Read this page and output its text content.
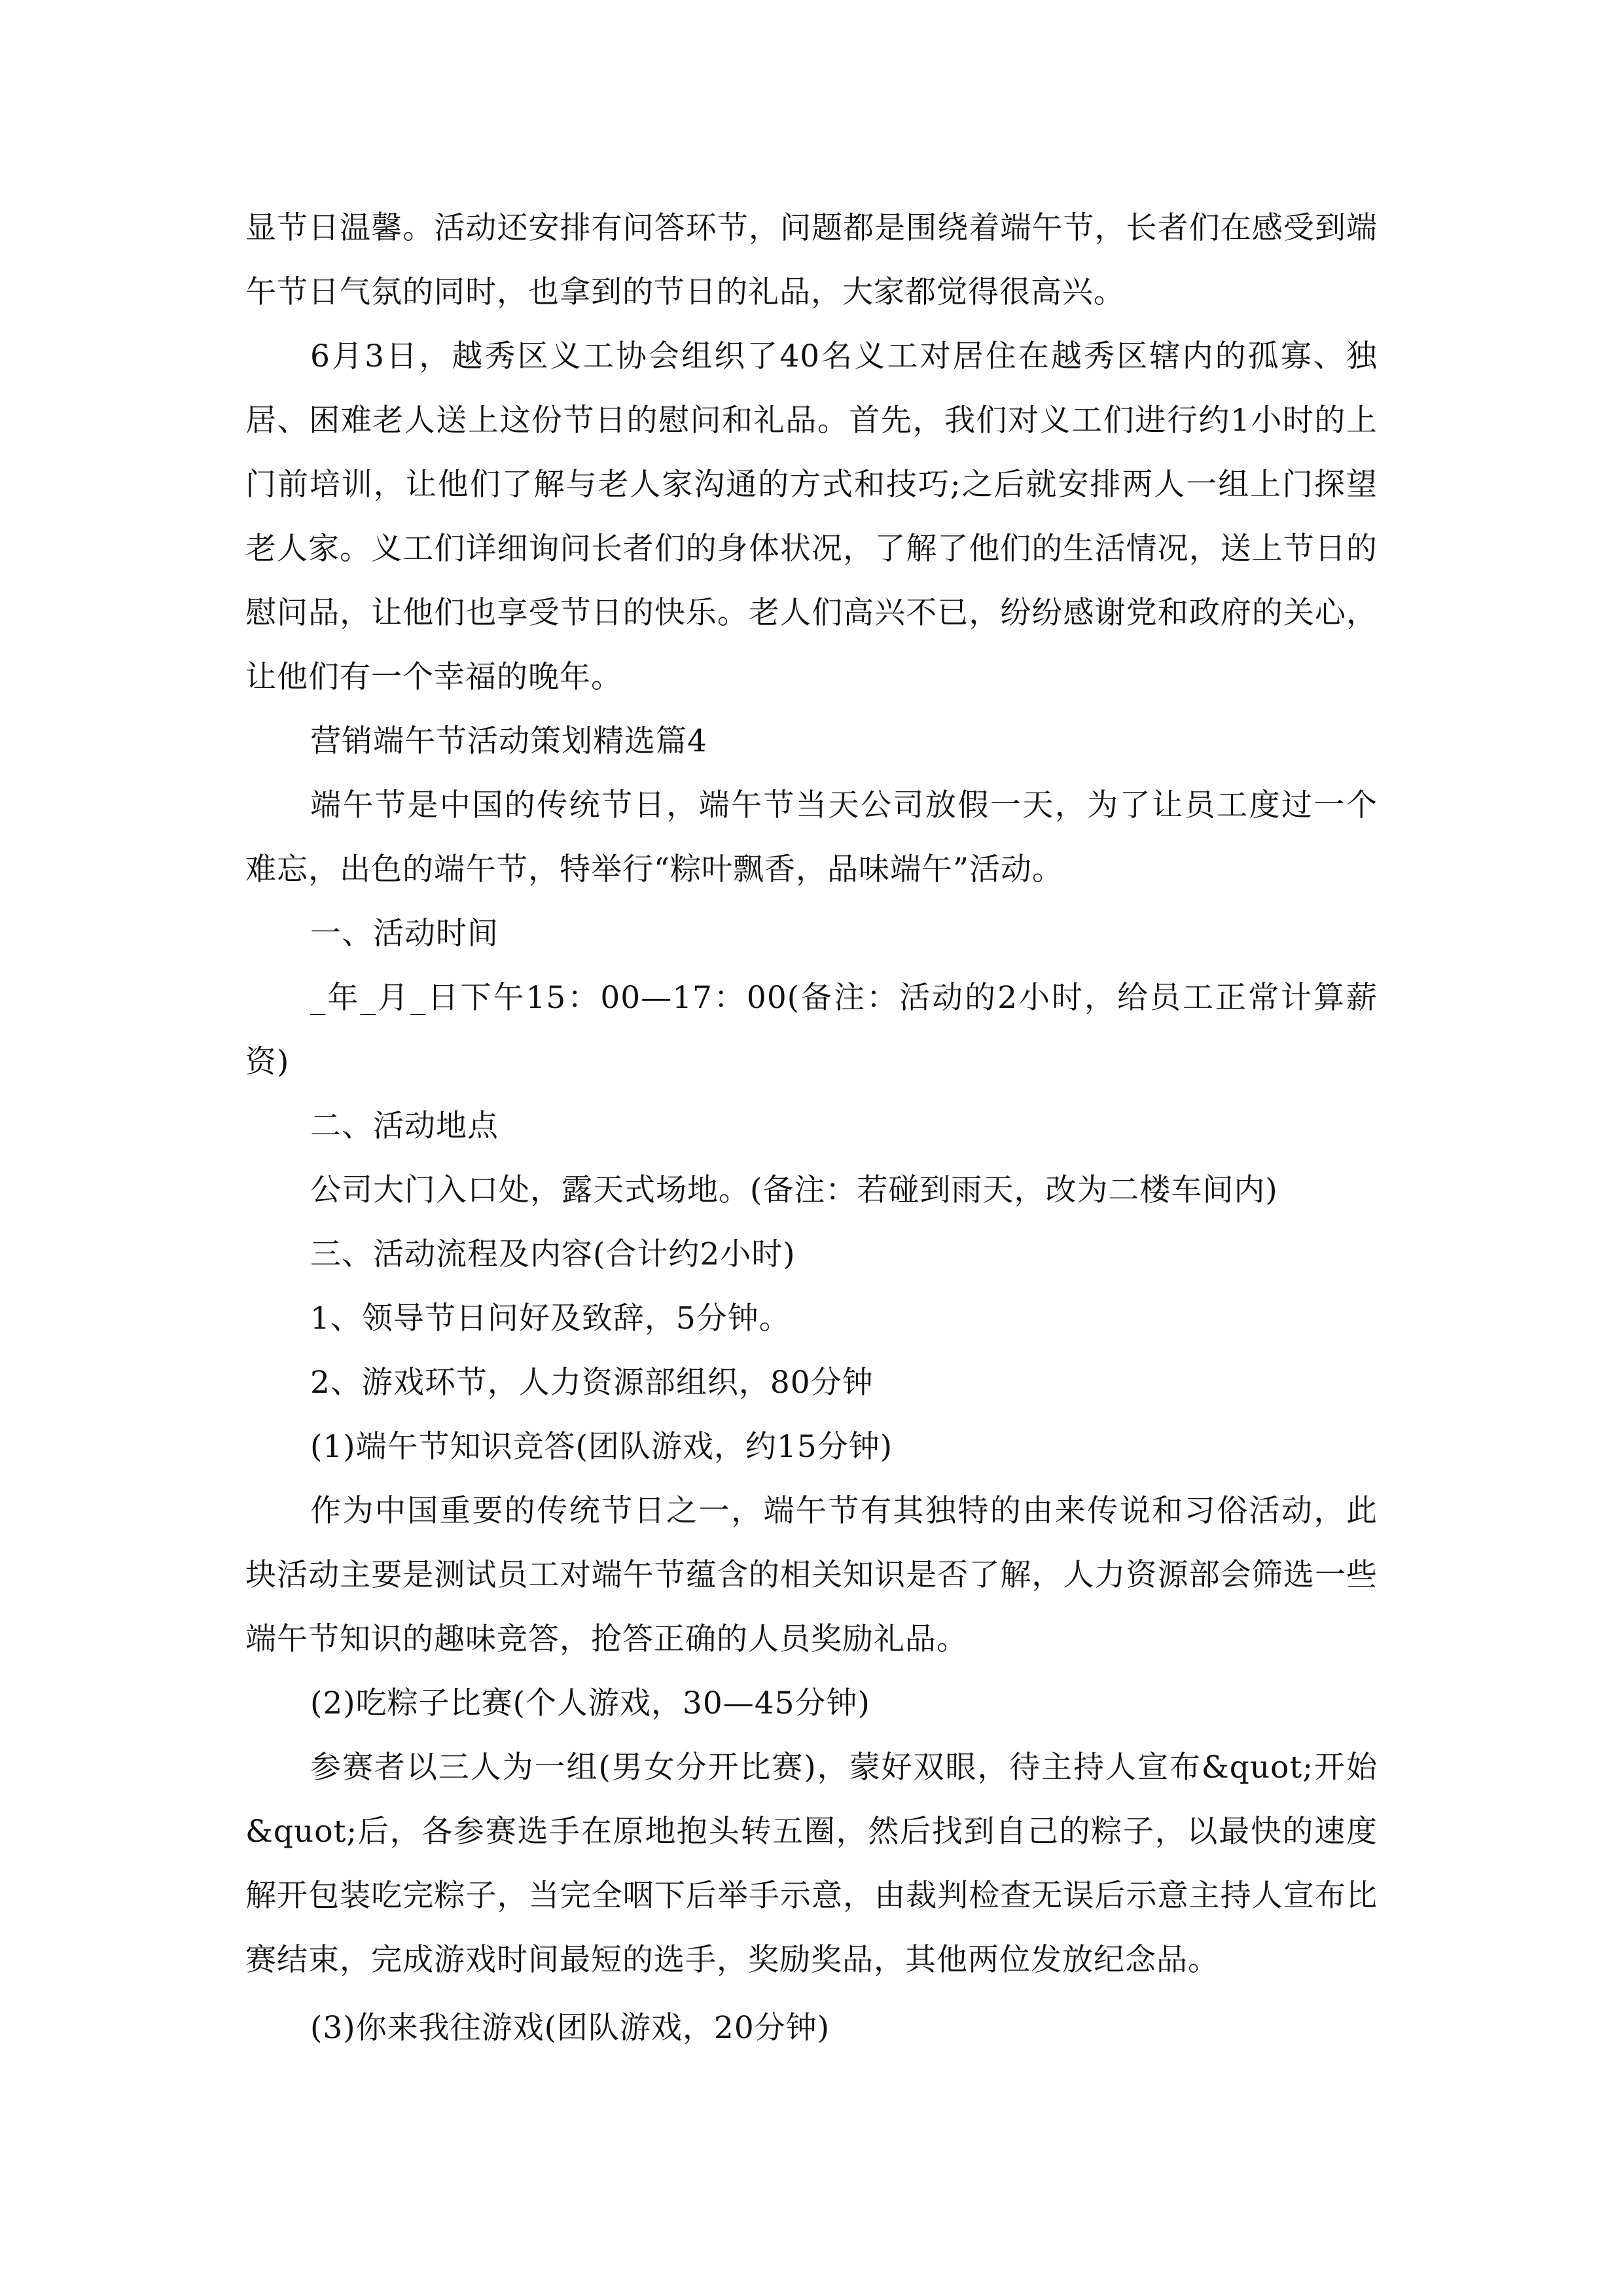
显节日温馨。活动还安排有问答环节，问题都是围绕着端午节，长者们在感受到端午节日气氛的同时，也拿到的节日的礼品，大家都觉得很高兴。

6月3日，越秀区义工协会组织了40名义工对居住在越秀区辖内的孤寡、独居、困难老人送上这份节日的慰问和礼品。首先，我们对义工们进行约1小时的上门前培训，让他们了解与老人家沟通的方式和技巧;之后就安排两人一组上门探望老人家。义工们详细询问长者们的身体状况，了解了他们的生活情况，送上节日的慰问品，让他们也享受节日的快乐。老人们高兴不已，纷纷感谢党和政府的关心，让他们有一个幸福的晚年。

营销端午节活动策划精选篇4

端午节是中国的传统节日，端午节当天公司放假一天，为了让员工度过一个难忘，出色的端午节，特举行“粽叶飘香，品味端午”活动。

一、活动时间

_年_月_日下午15：00—17：00(备注：活动的2小时，给员工正常计算薪资)

二、活动地点

公司大门入口处，露天式场地。(备注：若碰到雨天，改为二楼车间内)

三、活动流程及内容(合计约2小时)

1、领导节日问好及致辞，5分钟。

2、游戏环节，人力资源部组织，80分钟

(1)端午节知识竞答(团队游戏，约15分钟)

作为中国重要的传统节日之一，端午节有其独特的由来传说和习俗活动，此块活动主要是测试员工对端午节蕴含的相关知识是否了解，人力资源部会筛选一些端午节知识的趣味竞答，抢答正确的人员奖励礼品。

(2)吃粽子比赛(个人游戏，30—45分钟)

参赛者以三人为一组(男女分开比赛)，蒙好双眼，待主持人宣布&quot;开始&quot;后，各参赛选手在原地抱头转五圈，然后找到自己的粽子，以最快的速度解开包装吃完粽子，当完全咽下后举手示意，由裁判检查无误后示意主持人宣布比赛结束，完成游戏时间最短的选手，奖励奖品，其他两位发放纪念品。

(3)你来我往游戏(团队游戏，20分钟)
